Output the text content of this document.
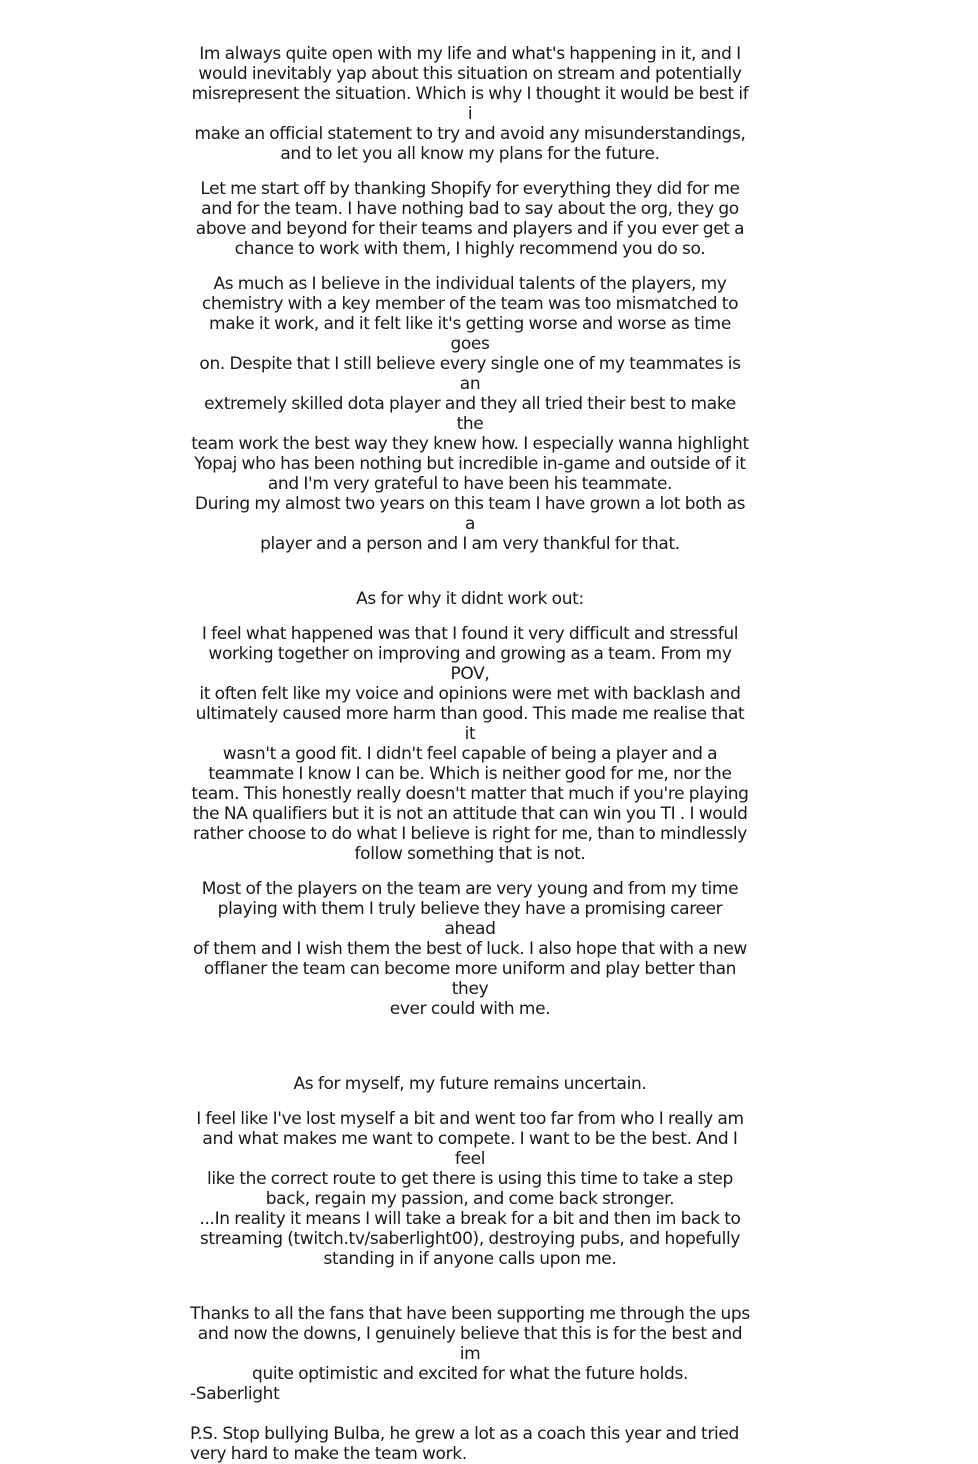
Im always quite open with my life and what's happening in it, and I
would inevitably yap about this situation on stream and potentially
misrepresent the situation. Which is why I thought it would be best if i
make an official statement to try and avoid any misunderstandings,
and to let you all know my plans for the future.

Let me start off by thanking Shopify for everything they did for me
and for the team. I have nothing bad to say about the org, they go
above and beyond for their teams and players and if you ever get a
chance to work with them, I highly recommend you do so.

As much as I believe in the individual talents of the players, my
chemistry with a key member of the team was too mismatched to
make it work, and it felt like it's getting worse and worse as time goes
on. Despite that I still believe every single one of my teammates is an
extremely skilled dota player and they all tried their best to make the
team work the best way they knew how. I especially wanna highlight
Yopaj who has been nothing but incredible in-game and outside of it
and I'm very grateful to have been his teammate.
During my almost two years on this team I have grown a lot both as a
player and a person and I am very thankful for that.

As for why it didnt work out:

I feel what happened was that I found it very difficult and stressful
working together on improving and growing as a team. From my POV,
it often felt like my voice and opinions were met with backlash and
ultimately caused more harm than good. This made me realise that it
wasn't a good fit. I didn't feel capable of being a player and a
teammate I know I can be. Which is neither good for me, nor the
team. This honestly really doesn't matter that much if you're playing
the NA qualifiers but it is not an attitude that can win you TI . I would
rather choose to do what I believe is right for me, than to mindlessly
follow something that is not.

Most of the players on the team are very young and from my time
playing with them I truly believe they have a promising career ahead
of them and I wish them the best of luck. I also hope that with a new
offlaner the team can become more uniform and play better than they
ever could with me.

As for myself, my future remains uncertain.

I feel like I've lost myself a bit and went too far from who I really am
and what makes me want to compete. I want to be the best. And I feel
like the correct route to get there is using this time to take a step
back, regain my passion, and come back stronger.
...In reality it means I will take a break for a bit and then im back to
streaming (twitch.tv/saberlight00), destroying pubs, and hopefully
standing in if anyone calls upon me.

Thanks to all the fans that have been supporting me through the ups
and now the downs, I genuinely believe that this is for the best and im
quite optimistic and excited for what the future holds.

-Saberlight

P.S. Stop bullying Bulba, he grew a lot as a coach this year and tried
very hard to make the team work.
